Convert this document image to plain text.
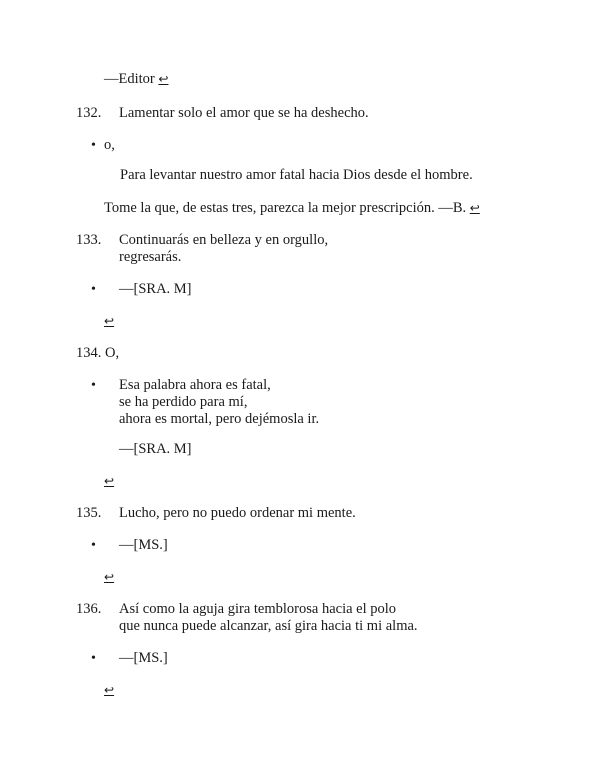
—Editor ↩
132. Lamentar solo el amor que se ha deshecho.
• o,
Para levantar nuestro amor fatal hacia Dios desde el hombre.
Tome la que, de estas tres, parezca la mejor prescripción. —B. ↩
133. Continuarás en belleza y en orgullo,
regresarás.
• —[SRA. M]
↩
134. O,
• Esa palabra ahora es fatal,
se ha perdido para mí,
ahora es mortal, pero dejémosla ir.
—[SRA. M]
↩
135. Lucho, pero no puedo ordenar mi mente.
• —[MS.]
↩
136. Así como la aguja gira temblorosa hacia el polo
que nunca puede alcanzar, así gira hacia ti mi alma.
• —[MS.]
↩
